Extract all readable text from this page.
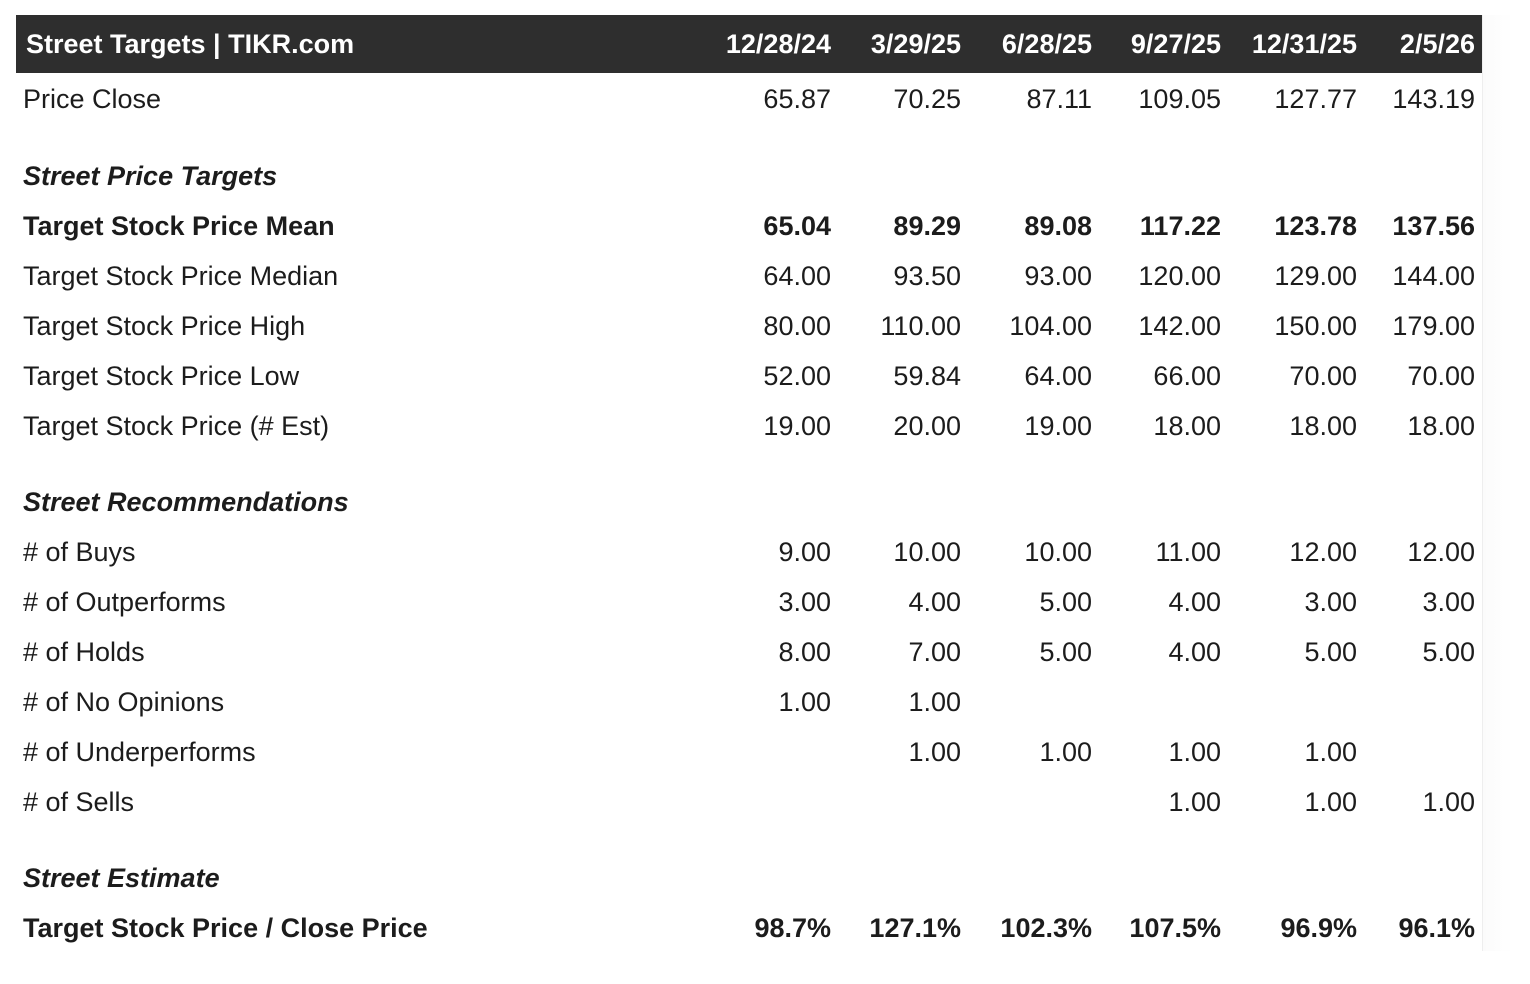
Street Targets | TIKR.com	12/28/24	3/29/25	6/28/25	9/27/25	12/31/25	2/5/26
Price Close	65.87	70.25	87.11	109.05	127.77	143.19

Street Price Targets						
Target Stock Price Mean	65.04	89.29	89.08	117.22	123.78	137.56
Target Stock Price Median	64.00	93.50	93.00	120.00	129.00	144.00
Target Stock Price High	80.00	110.00	104.00	142.00	150.00	179.00
Target Stock Price Low	52.00	59.84	64.00	66.00	70.00	70.00
Target Stock Price (# Est)	19.00	20.00	19.00	18.00	18.00	18.00

Street Recommendations						
# of Buys	9.00	10.00	10.00	11.00	12.00	12.00
# of Outperforms	3.00	4.00	5.00	4.00	3.00	3.00
# of Holds	8.00	7.00	5.00	4.00	5.00	5.00
# of No Opinions	1.00	1.00				
# of Underperforms		1.00	1.00	1.00	1.00	
# of Sells				1.00	1.00	1.00

Street Estimate						
Target Stock Price / Close Price	98.7%	127.1%	102.3%	107.5%	96.9%	96.1%
